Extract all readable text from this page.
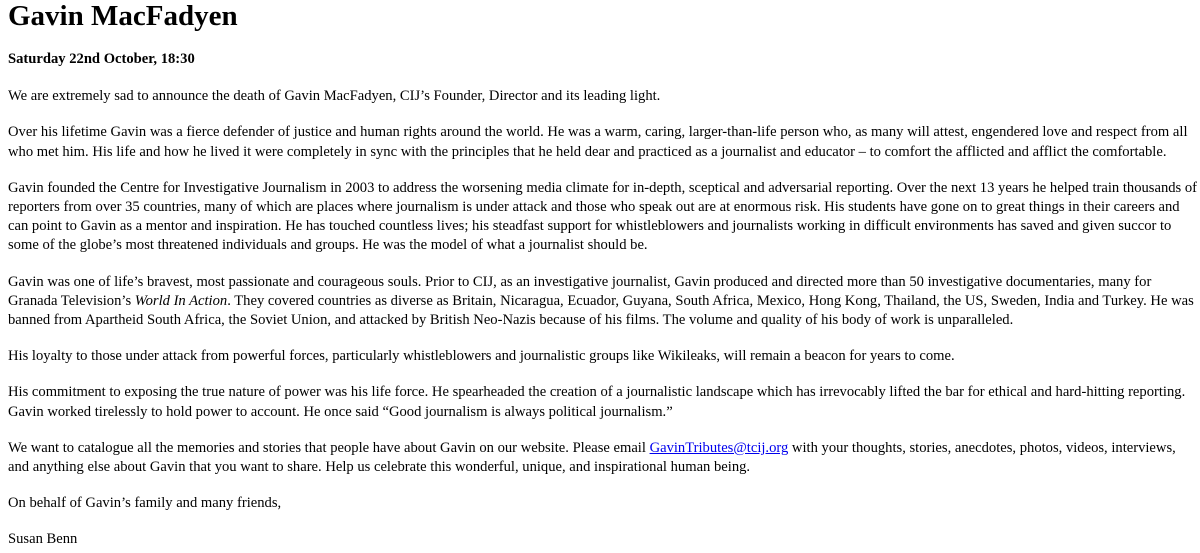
Gavin MacFadyen

Saturday 22nd October, 18:30

We are extremely sad to announce the death of Gavin MacFadyen, CIJ’s Founder, Director and its leading light.

Over his lifetime Gavin was a fierce defender of justice and human rights around the world. He was a warm, caring, larger-than-life person who, as many will attest, engendered love and respect from all who met him. His life and how he lived it were completely in sync with the principles that he held dear and practiced as a journalist and educator – to comfort the afflicted and afflict the comfortable.

Gavin founded the Centre for Investigative Journalism in 2003 to address the worsening media climate for in-depth, sceptical and adversarial reporting. Over the next 13 years he helped train thousands of reporters from over 35 countries, many of which are places where journalism is under attack and those who speak out are at enormous risk. His students have gone on to great things in their careers and can point to Gavin as a mentor and inspiration. He has touched countless lives; his steadfast support for whistleblowers and journalists working in difficult environments has saved and given succor to some of the globe’s most threatened individuals and groups. He was the model of what a journalist should be.

Gavin was one of life’s bravest, most passionate and courageous souls. Prior to CIJ, as an investigative journalist, Gavin produced and directed more than 50 investigative documentaries, many for Granada Television’s World In Action. They covered countries as diverse as Britain, Nicaragua, Ecuador, Guyana, South Africa, Mexico, Hong Kong, Thailand, the US, Sweden, India and Turkey. He was banned from Apartheid South Africa, the Soviet Union, and attacked by British Neo-Nazis because of his films. The volume and quality of his body of work is unparalleled.

His loyalty to those under attack from powerful forces, particularly whistleblowers and journalistic groups like Wikileaks, will remain a beacon for years to come.

His commitment to exposing the true nature of power was his life force. He spearheaded the creation of a journalistic landscape which has irrevocably lifted the bar for ethical and hard-hitting reporting. Gavin worked tirelessly to hold power to account. He once said “Good journalism is always political journalism.”

We want to catalogue all the memories and stories that people have about Gavin on our website. Please email GavinTributes@tcij.org with your thoughts, stories, anecdotes, photos, videos, interviews, and anything else about Gavin that you want to share. Help us celebrate this wonderful, unique, and inspirational human being.

On behalf of Gavin’s family and many friends,

Susan Benn
